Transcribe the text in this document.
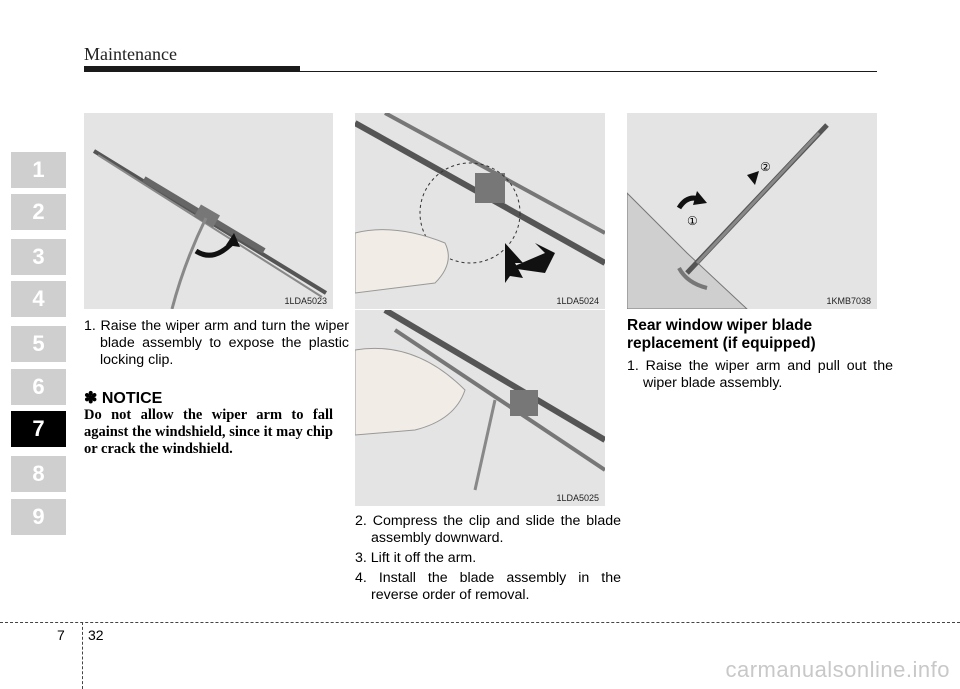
Maintenance
1
2
3
4
5
6
7
8
9
1LDA5023	1LDA5024
1LDA5025
①
②
1KMB7038
1. Raise the wiper arm and turn the wiper blade assembly to expose the plastic locking clip.
✽ NOTICE
Do not allow the wiper arm to fall against the windshield, since it may chip or crack the windshield.
2. Compress the clip and slide the blade assembly downward.
3. Lift it off the arm.
4. Install the blade assembly in the reverse order of removal.
Rear window wiper blade replacement (if equipped)
1. Raise the wiper arm and pull out the wiper blade assembly.
7 32
carmanualsonline.info
